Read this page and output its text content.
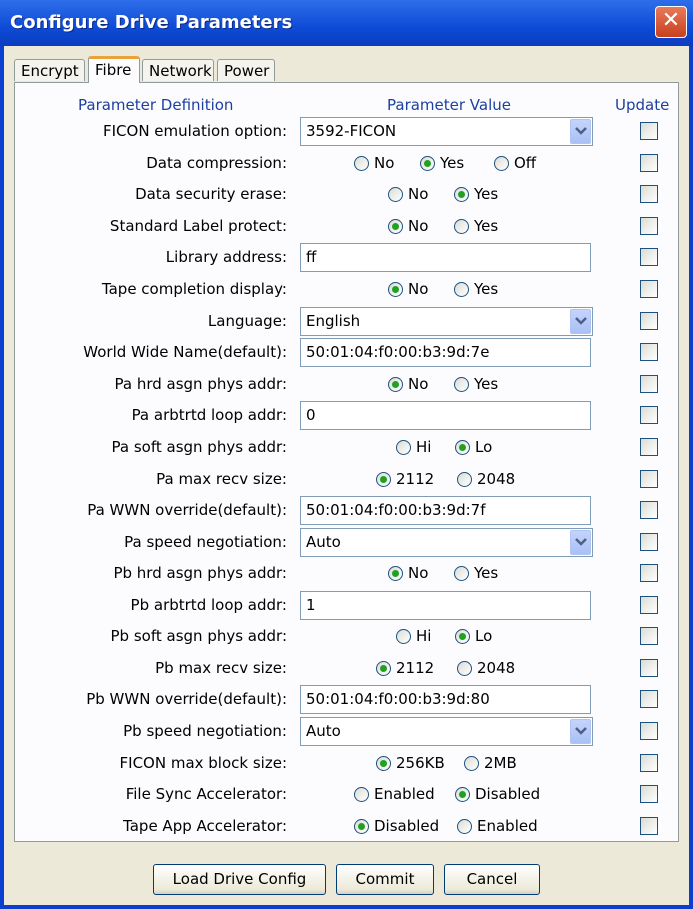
Configure Drive Parameters	✕
Encrypt	Fibre	Network Power
Parameter Definition	Parameter Value	Update
FICON emulation option:	3592-FICON
Data compression:	No	Yes	Off
Data security erase:	No	Yes
Standard Label protect:	No	Yes
Library address:	ff
Tape completion display:	No	Yes
Language:	English
World Wide Name(default):	50:01:04:f0:00:b3:9d:7e
Pa hrd asgn phys addr:	No	Yes
Pa arbtrtd loop addr:	0
Pa soft asgn phys addr:	Hi	Lo
Pa max recv size:	2112	2048
Pa WWN override(default):	50:01:04:f0:00:b3:9d:7f
Pa speed negotiation:	Auto
Pb hrd asgn phys addr:	No	Yes
Pb arbtrtd loop addr:	1
Pb soft asgn phys addr:	Hi	Lo
Pb max recv size:	2112	2048
Pb WWN override(default):	50:01:04:f0:00:b3:9d:80
Pb speed negotiation:	Auto
FICON max block size:	256KB	2MB
File Sync Accelerator:	Enabled	Disabled
Tape App Accelerator:	Disabled	Enabled
Load Drive Config	Commit	Cancel
